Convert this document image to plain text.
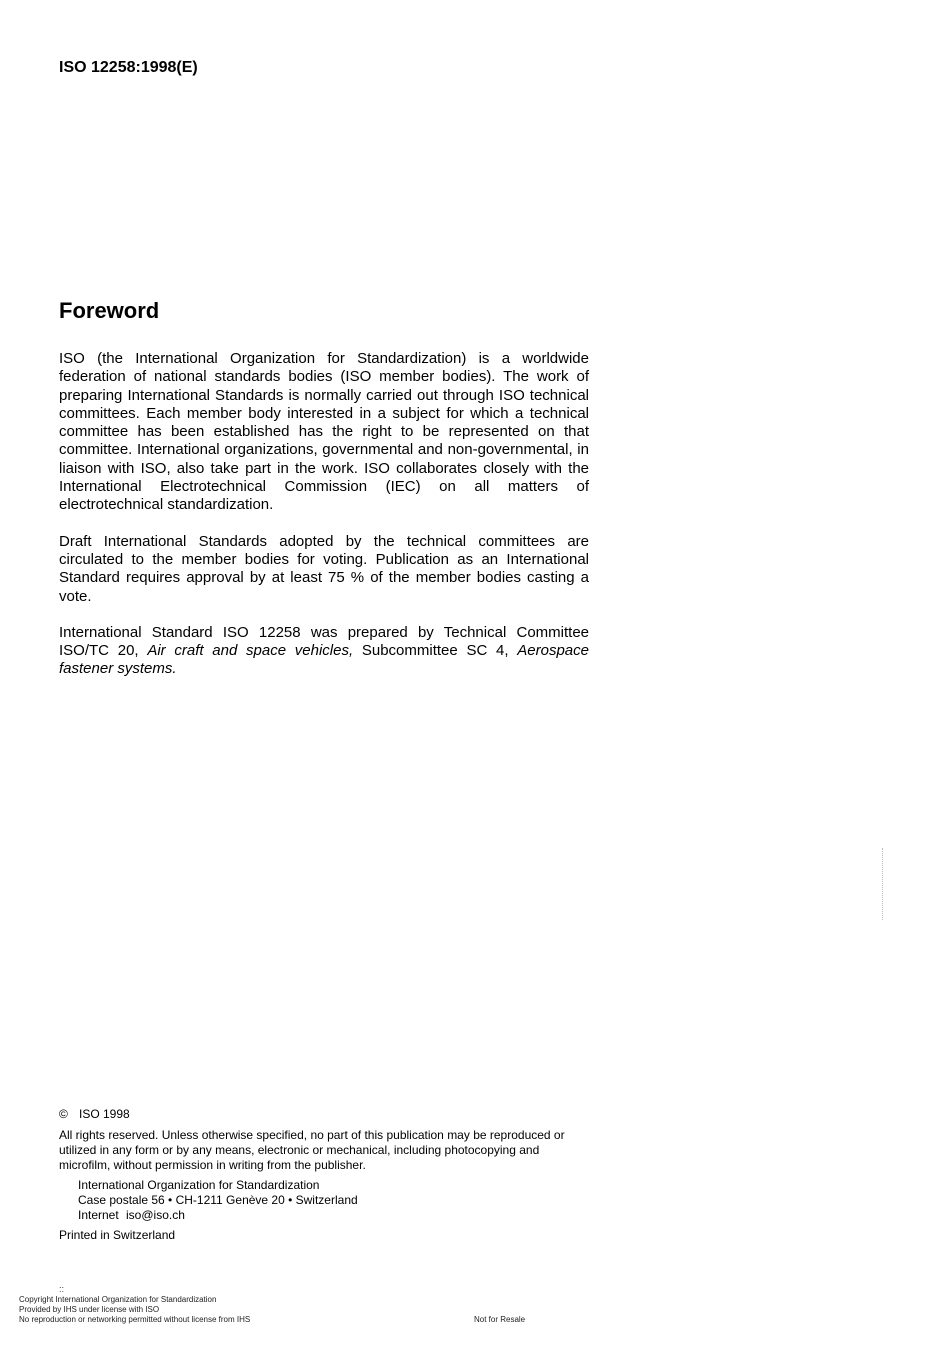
ISO 12258:1998(E)
Foreword

ISO (the International Organization for Standardization) is a worldwide federation of national standards bodies (ISO member bodies). The work of preparing International Standards is normally carried out through ISO technical committees. Each member body interested in a subject for which a technical committee has been established has the right to be represented on that committee. International organizations, governmental and non-governmental, in liaison with ISO, also take part in the work. ISO collaborates closely with the International Electrotechnical Commission (IEC) on all matters of electrotechnical standardization.

Draft International Standards adopted by the technical committees are circulated to the member bodies for voting. Publication as an International Standard requires approval by at least 75 % of the member bodies casting a vote.

International Standard ISO 12258 was prepared by Technical Committee ISO/TC 20, Air craft and space vehicles, Subcommittee SC 4, Aerospace fastener systems.

© ISO 1998

All rights reserved. Unless otherwise specified, no part of this publication may be reproduced or utilized in any form or by any means, electronic or mechanical, including photocopying and microfilm, without permission in writing from the publisher.

International Organization for Standardization
Case postale 56 • CH-1211 Genève 20 • Switzerland
Internet iso@iso.ch

Printed in Switzerland

::
Copyright International Organization for Standardization
Provided by IHS under license with ISO
No reproduction or networking permitted without license from IHS	Not for Resale
